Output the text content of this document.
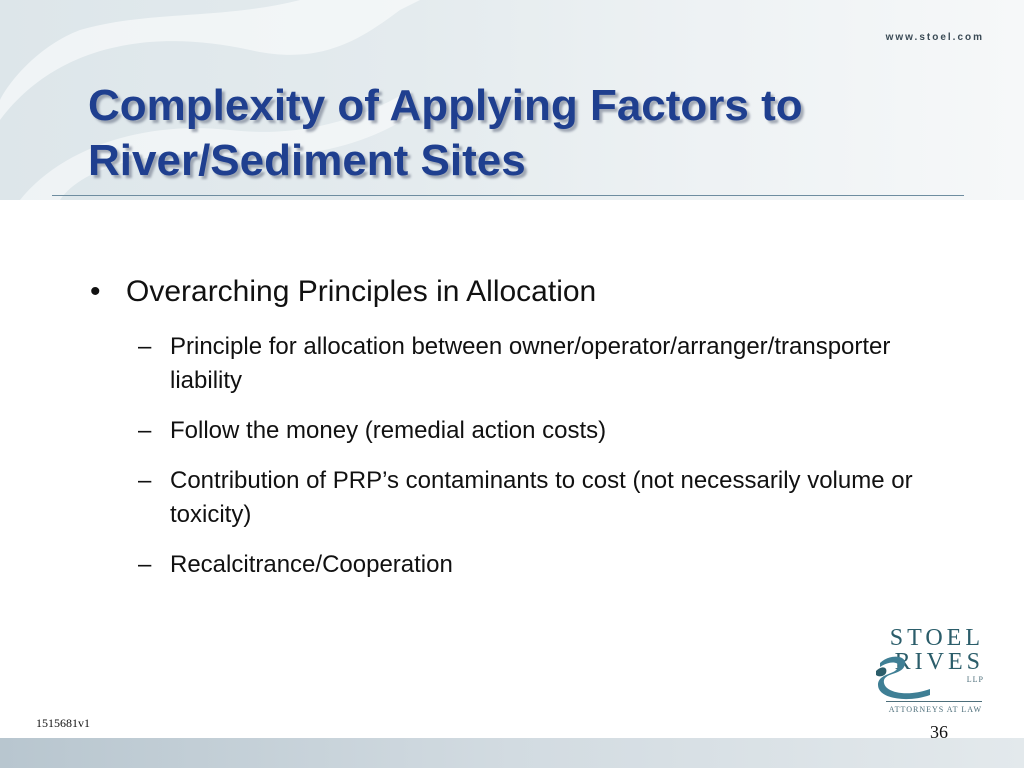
www.stoel.com
Complexity of Applying Factors to River/Sediment Sites
• Overarching Principles in Allocation
– Principle for allocation between owner/operator/arranger/transporter liability
– Follow the money (remedial action costs)
– Contribution of PRP’s contaminants to cost (not necessarily volume or toxicity)
– Recalcitrance/Cooperation
STOEL
RIVES
LLP
ATTORNEYS AT LAW
1515681v1	36
